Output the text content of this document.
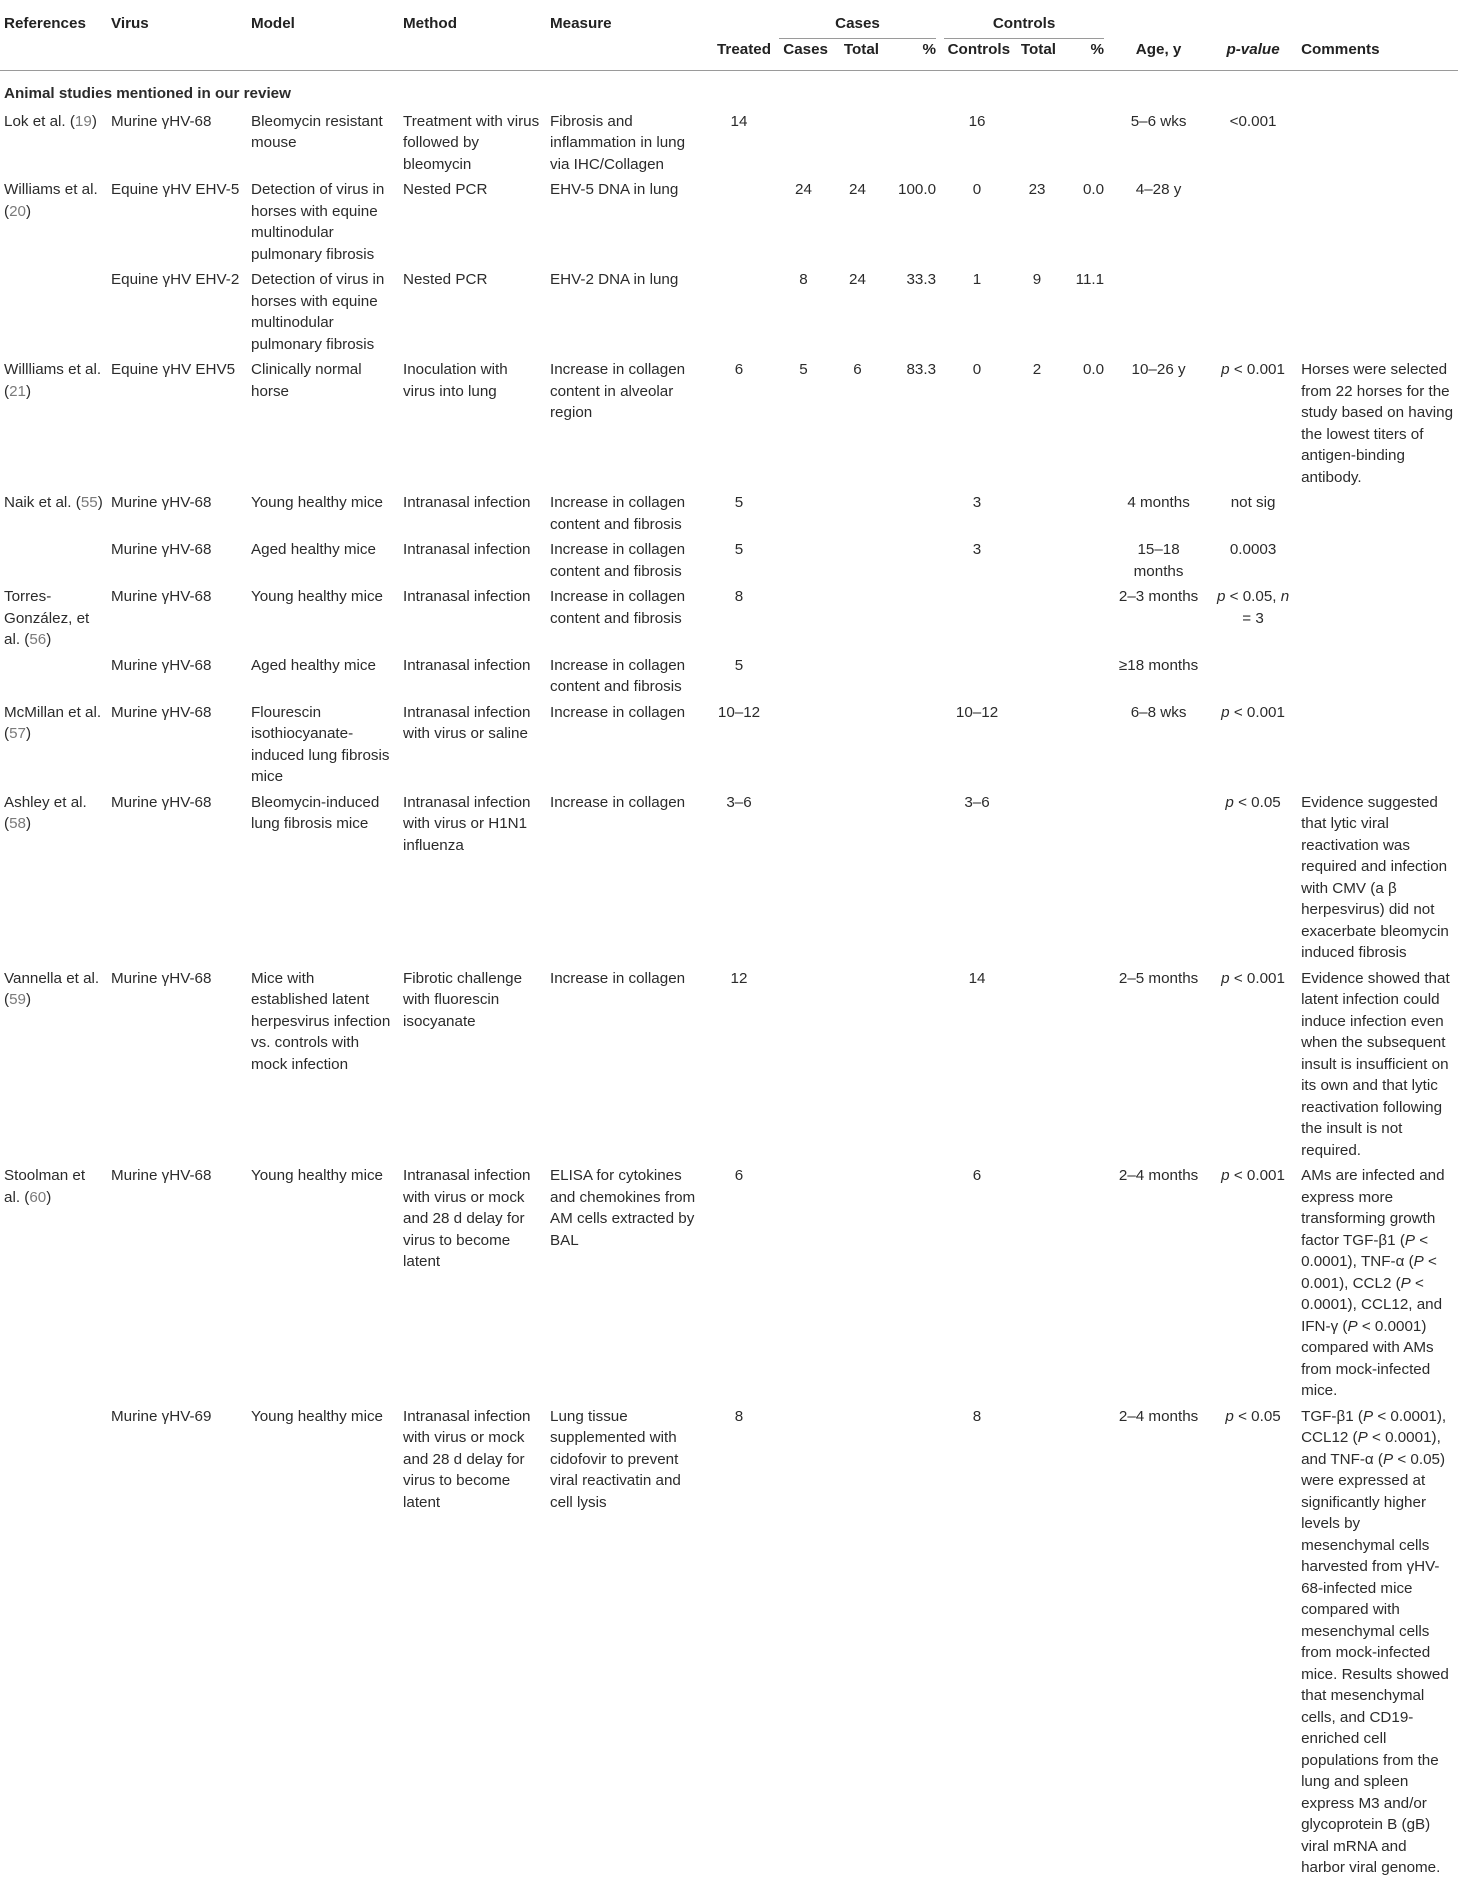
References	Virus	Model	Method	Measure		Cases			Controls					

					Treated	Cases	Total	%	Controls	Total	%	Age, y	p-value	Comments
Animal studies mentioned in our review														
Lok et al. (19)	Murine γHV-68	Bleomycin resistant mouse	Treatment with virus followed by bleomycin	Fibrosis and inflammation in lung via IHC/Collagen	14				16			5–6 wks	<0.001	
Williams et al. (20)	Equine γHV EHV-5	Detection of virus in horses with equine multinodular pulmonary fibrosis	Nested PCR	EHV-5 DNA in lung		24	24	100.0	0	23	0.0	4–28 y		
	Equine γHV EHV-2	Detection of virus in horses with equine multinodular pulmonary fibrosis	Nested PCR	EHV-2 DNA in lung		8	24	33.3	1	9	11.1			
Willliams et al. (21)	Equine γHV EHV5	Clinically normal horse	Inoculation with virus into lung	Increase in collagen content in alveolar region	6	5	6	83.3	0	2	0.0	10–26 y	p < 0.001	Horses were selected from 22 horses for the study based on having the lowest titers of antigen-binding antibody.
Naik et al. (55)	Murine γHV-68	Young healthy mice	Intranasal infection	Increase in collagen content and fibrosis	5				3			4 months	not sig	
	Murine γHV-68	Aged healthy mice	Intranasal infection	Increase in collagen content and fibrosis	5				3			15–18 months	0.0003	
Torres-González, et al. (56)	Murine γHV-68	Young healthy mice	Intranasal infection	Increase in collagen content and fibrosis	8							2–3 months	p < 0.05, n = 3	
	Murine γHV-68	Aged healthy mice	Intranasal infection	Increase in collagen content and fibrosis	5							≥18 months		
McMillan et al. (57)	Murine γHV-68	Flourescin isothiocyanate-induced lung fibrosis mice	Intranasal infection with virus or saline	Increase in collagen	10–12				10–12			6–8 wks	p < 0.001	
Ashley et al. (58)	Murine γHV-68	Bleomycin-induced lung fibrosis mice	Intranasal infection with virus or H1N1 influenza	Increase in collagen	3–6				3–6				p < 0.05	Evidence suggested that lytic viral reactivation was required and infection with CMV (a β herpesvirus) did not exacerbate bleomycin induced fibrosis
Vannella et al. (59)	Murine γHV-68	Mice with established latent herpesvirus infection vs. controls with mock infection	Fibrotic challenge with fluorescin isocyanate	Increase in collagen	12				14			2–5 months	p < 0.001	Evidence showed that latent infection could induce infection even when the subsequent insult is insufficient on its own and that lytic reactivation following the insult is not required.
Stoolman et al. (60)	Murine γHV-68	Young healthy mice	Intranasal infection with virus or mock and 28 d delay for virus to become latent	ELISA for cytokines and chemokines from AM cells extracted by BAL	6				6			2–4 months	p < 0.001	AMs are infected and express more transforming growth factor TGF-β1 (P < 0.0001), TNF-α (P < 0.001), CCL2 (P < 0.0001), CCL12, and IFN-γ (P < 0.0001) compared with AMs from mock-infected mice.
	Murine γHV-69	Young healthy mice	Intranasal infection with virus or mock and 28 d delay for virus to become latent	Lung tissue supplemented with cidofovir to prevent viral reactivatin and cell lysis	8				8			2–4 months	p < 0.05	TGF-β1 (P < 0.0001), CCL12 (P < 0.0001), and TNF-α (P < 0.05) were expressed at significantly higher levels by mesenchymal cells harvested from γHV-68-infected mice compared with mesenchymal cells from mock-infected mice. Results showed that mesenchymal cells, and CD19-enriched cell populations from the lung and spleen express M3 and/or glycoprotein B (gB) viral mRNA and harbor viral genome.
